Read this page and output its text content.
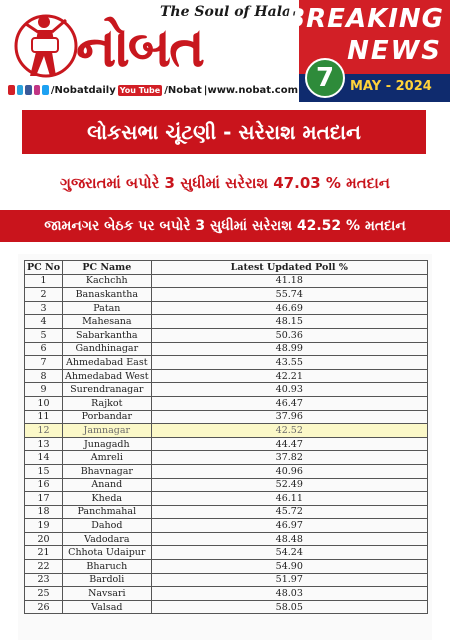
The Soul of Halar
નોબત	BREAKING
NEWS
7	MAY - 2024
/Nobatdaily You Tube /Nobat |www.nobat.com
લોકસભા ચૂંટણી - સરેરાશ મતદાન
ગુજરાતમાં બપોરે 3 સુધીમાં સરેરાશ 47.03 % મતદાન
જામનગર બેઠક પર બપોરે 3 સુધીમાં સરેરાશ 42.52 % મતદાન
PC No	PC Name	Latest Updated Poll %
1	Kachchh	41.18
2	Banaskantha	55.74
3	Patan	46.69
4	Mahesana	48.15
5	Sabarkantha	50.36
6	Gandhinagar	48.99
7	Ahmedabad East	43.55
8	Ahmedabad West	42.21
9	Surendranagar	40.93
10	Rajkot	46.47
11	Porbandar	37.96
12	Jamnagar	42.52
13	Junagadh	44.47
14	Amreli	37.82
15	Bhavnagar	40.96
16	Anand	52.49
17	Kheda	46.11
18	Panchmahal	45.72
19	Dahod	46.97
20	Vadodara	48.48
21	Chhota Udaipur	54.24
22	Bharuch	54.90
23	Bardoli	51.97
25	Navsari	48.03
26	Valsad	58.05
